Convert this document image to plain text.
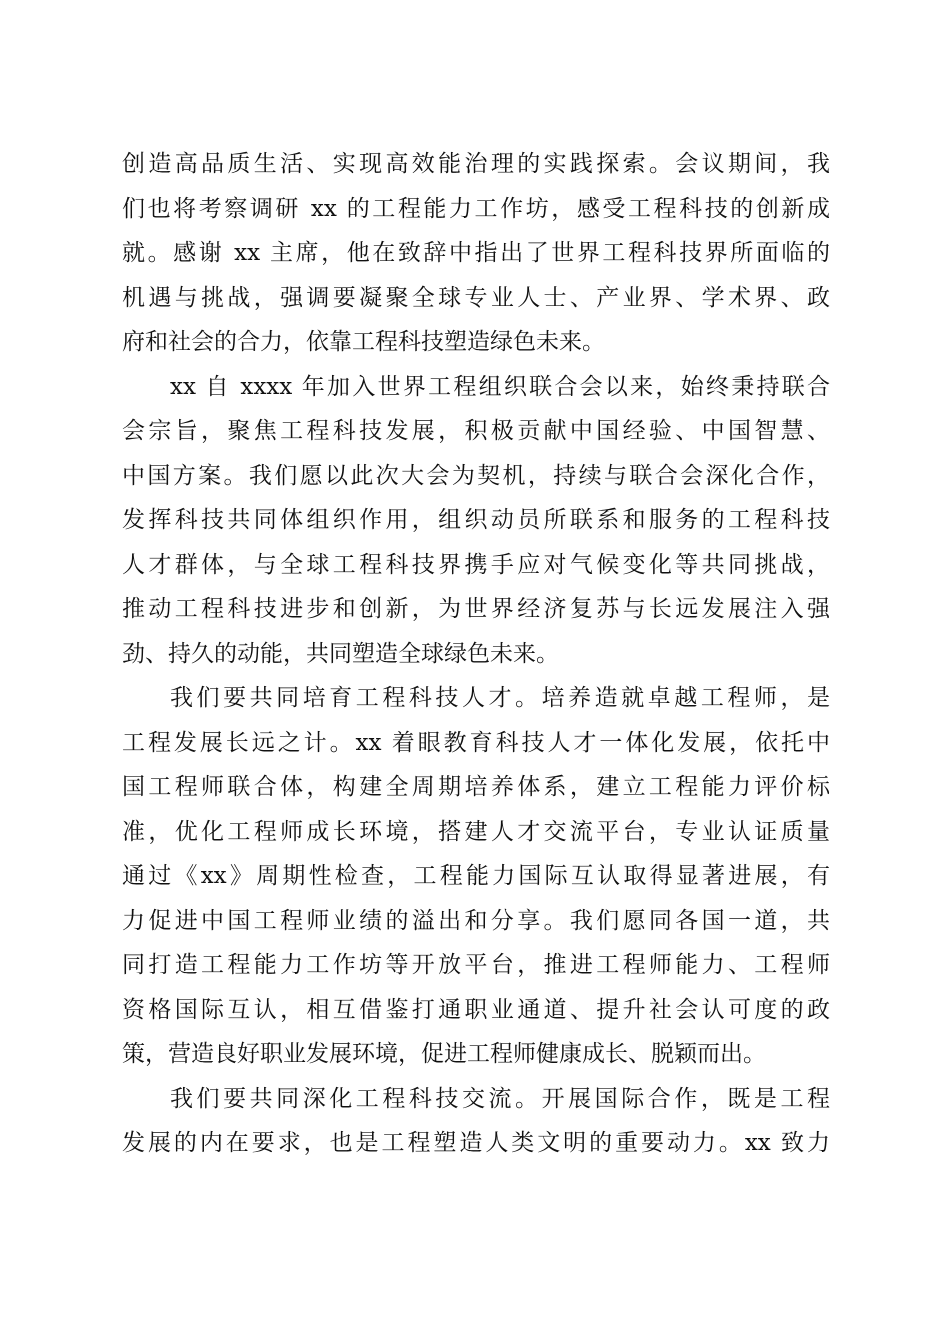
创造高品质生活、实现高效能治理的实践探索。会议期间，我
们也将考察调研 xx 的工程能力工作坊，感受工程科技的创新成
就。感谢 xx 主席，他在致辞中指出了世界工程科技界所面临的
机遇与挑战，强调要凝聚全球专业人士、产业界、学术界、政
府和社会的合力，依靠工程科技塑造绿色未来。
xx 自 xxxx 年加入世界工程组织联合会以来，始终秉持联合
会宗旨，聚焦工程科技发展，积极贡献中国经验、中国智慧、
中国方案。我们愿以此次大会为契机，持续与联合会深化合作，
发挥科技共同体组织作用，组织动员所联系和服务的工程科技
人才群体，与全球工程科技界携手应对气候变化等共同挑战，
推动工程科技进步和创新，为世界经济复苏与长远发展注入强
劲、持久的动能，共同塑造全球绿色未来。
我们要共同培育工程科技人才。培养造就卓越工程师，是
工程发展长远之计。xx 着眼教育科技人才一体化发展，依托中
国工程师联合体，构建全周期培养体系，建立工程能力评价标
准，优化工程师成长环境，搭建人才交流平台，专业认证质量
通过《xx》周期性检查，工程能力国际互认取得显著进展，有
力促进中国工程师业绩的溢出和分享。我们愿同各国一道，共
同打造工程能力工作坊等开放平台，推进工程师能力、工程师
资格国际互认，相互借鉴打通职业通道、提升社会认可度的政
策，营造良好职业发展环境，促进工程师健康成长、脱颖而出。
我们要共同深化工程科技交流。开展国际合作，既是工程
发展的内在要求，也是工程塑造人类文明的重要动力。xx 致力
